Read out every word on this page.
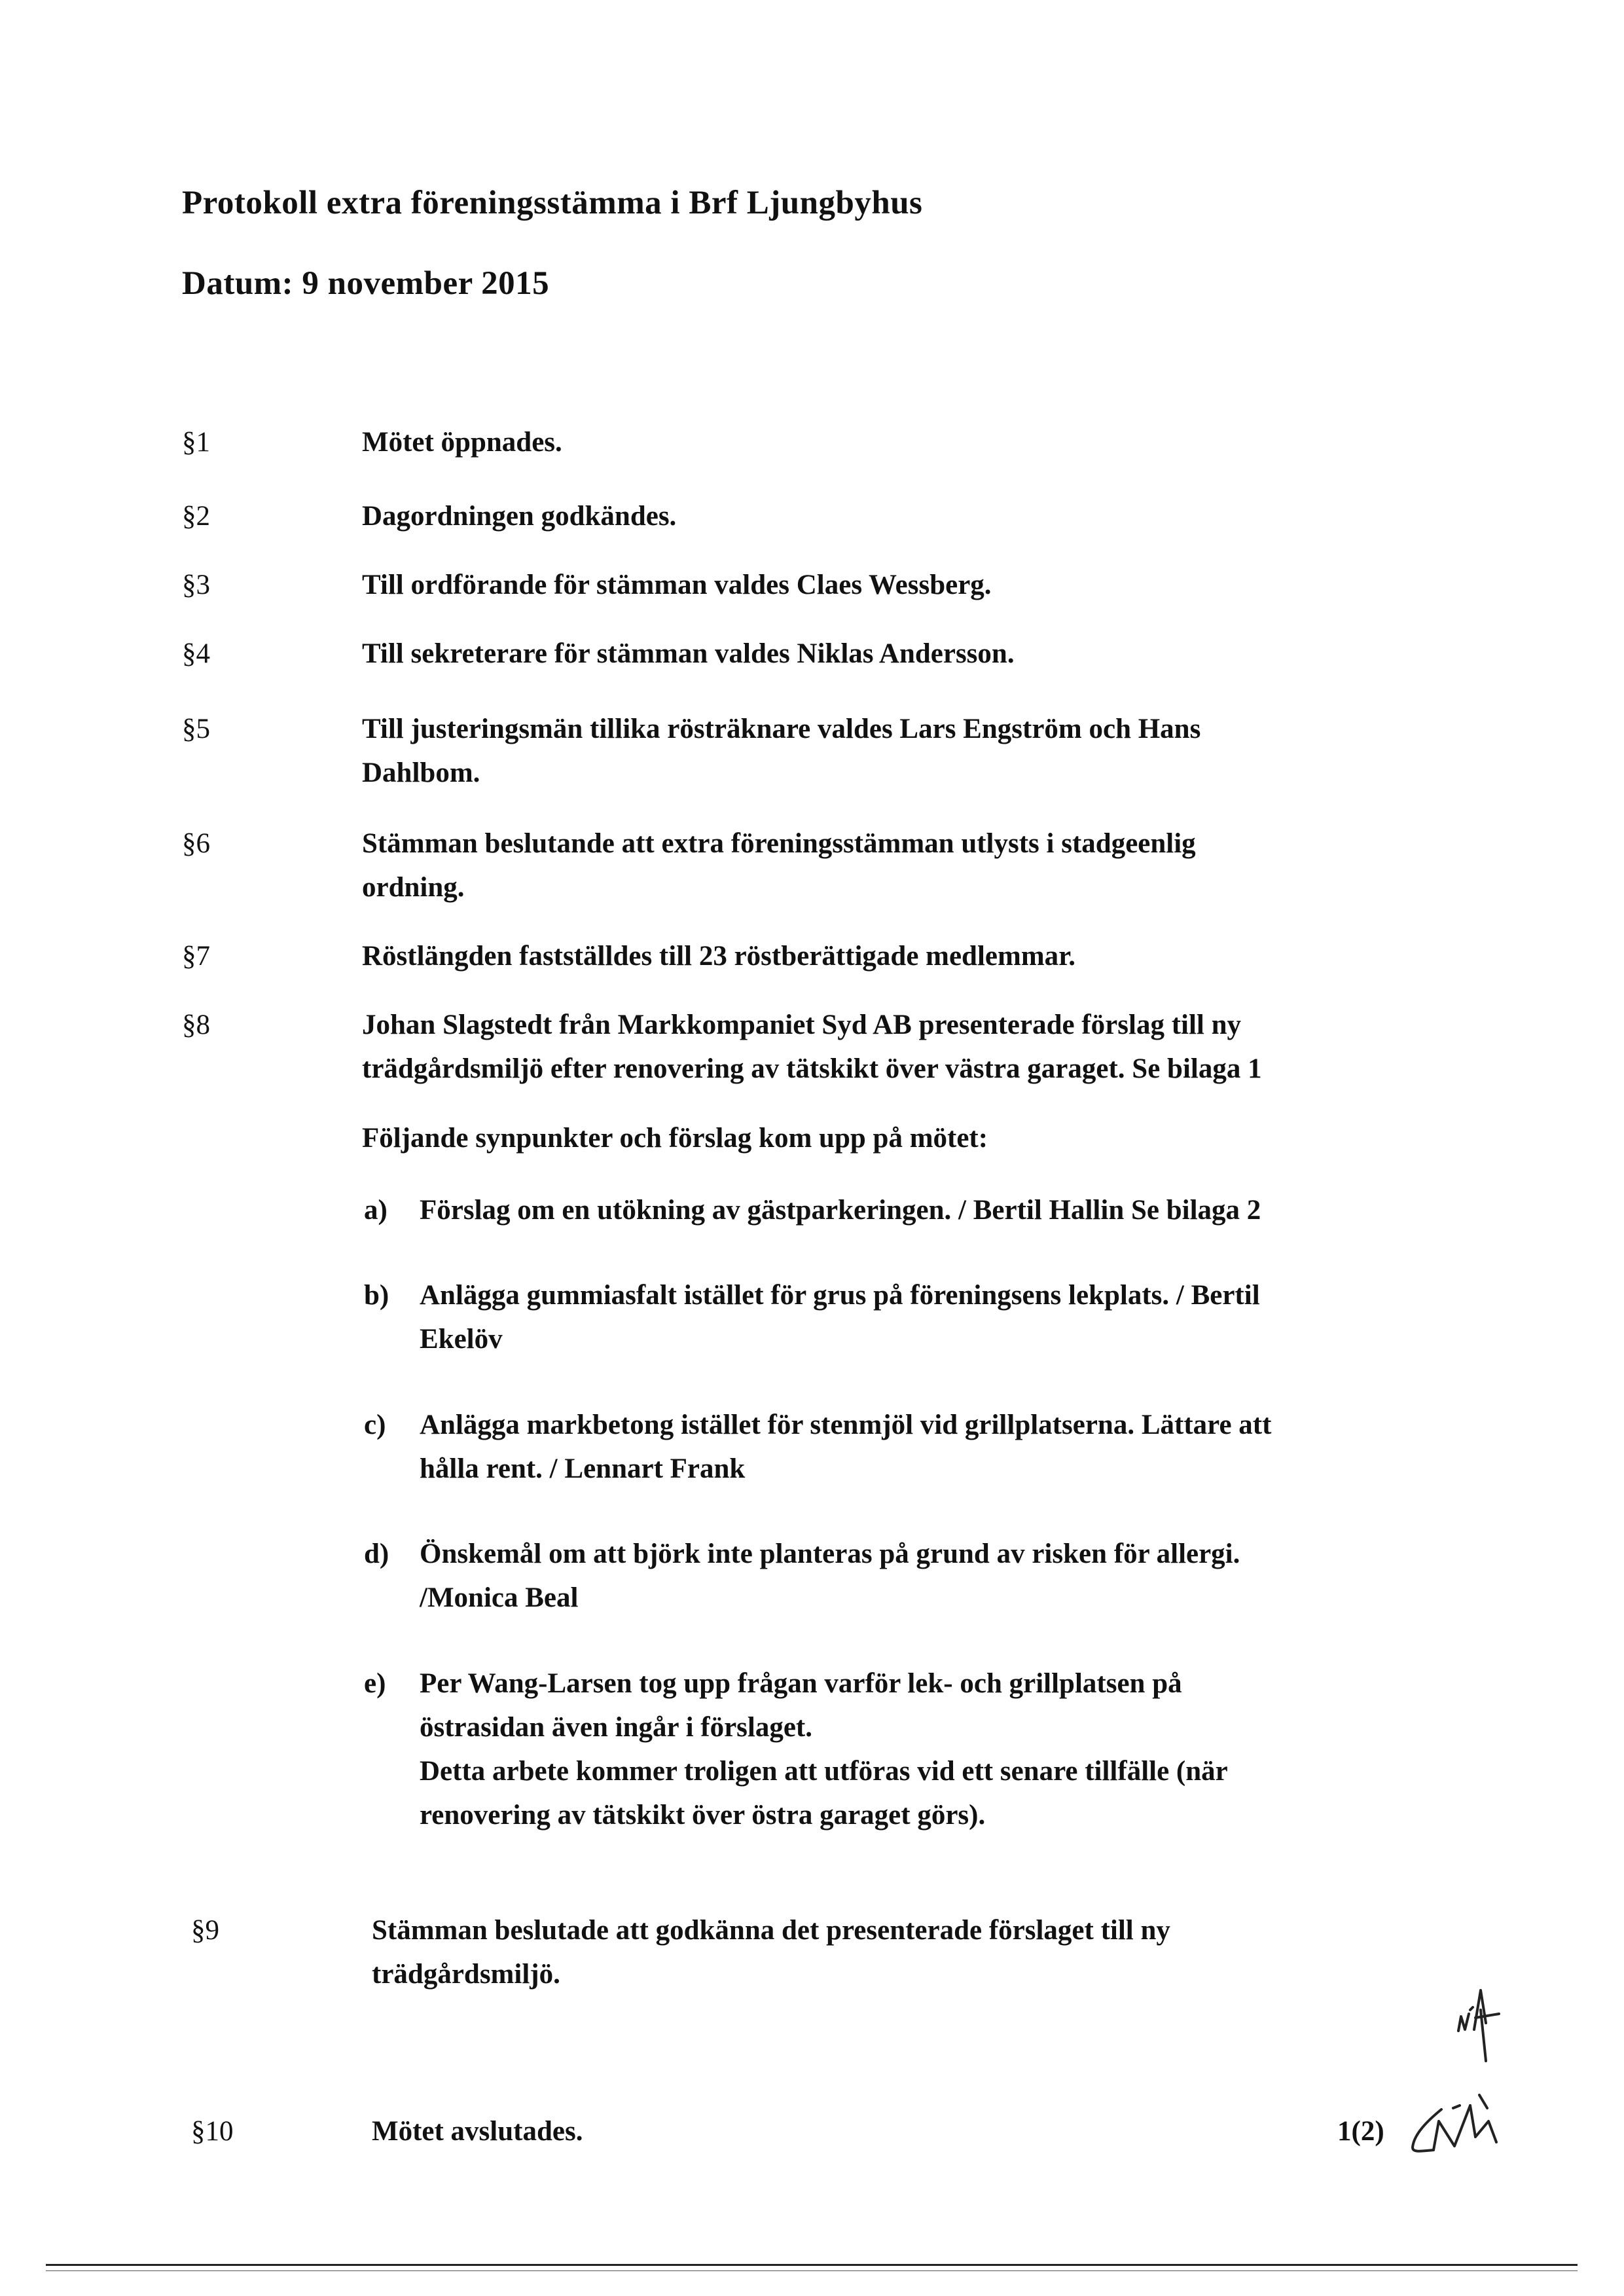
Protokoll extra föreningsstämma i Brf Ljungbyhus
Datum: 9 november 2015
§1	Mötet öppnades.
§2	Dagordningen godkändes.
§3	Till ordförande för stämman valdes Claes Wessberg.
§4	Till sekreterare för stämman valdes Niklas Andersson.
§5	Till justeringsmän tillika rösträknare valdes Lars Engström och Hans
Dahlbom.
§6	Stämman beslutande att extra föreningsstämman utlysts i stadgeenlig
ordning.
§7	Röstlängden fastställdes till 23 röstberättigade medlemmar.
§8	Johan Slagstedt från Markkompaniet Syd AB presenterade förslag till ny
trädgårdsmiljö efter renovering av tätskikt över västra garaget. Se bilaga 1
Följande synpunkter och förslag kom upp på mötet:
a) Förslag om en utökning av gästparkeringen. / Bertil Hallin Se bilaga 2
b) Anlägga gummiasfalt istället för grus på föreningsens lekplats. / Bertil
Ekelöv
c) Anlägga markbetong istället för stenmjöl vid grillplatserna. Lättare att
hålla rent. / Lennart Frank
d) Önskemål om att björk inte planteras på grund av risken för allergi.
/Monica Beal
e) Per Wang-Larsen tog upp frågan varför lek- och grillplatsen på
östrasidan även ingår i förslaget.
Detta arbete kommer troligen att utföras vid ett senare tillfälle (när
renovering av tätskikt över östra garaget görs).
§9	Stämman beslutade att godkänna det presenterade förslaget till ny
trädgårdsmiljö.
§10	Mötet avslutades.	1(2)
